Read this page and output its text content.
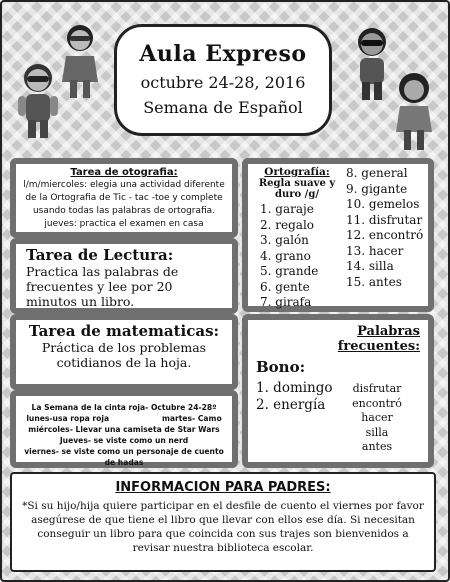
Aula Expreso
octubre 24-28, 2016
Semana de Español
Tarea de otografia:
l/m/miercoles: elegia una actividad diferente de la Ortografia de Tic - tac -toe y complete usando todas las palabras de ortografia.
jueves: practica el examen en casa
Tarea de Lectura:
Practica las palabras de frecuentes y lee por 20 minutos un libro.
Tarea de matematicas:
Práctica de los problemas cotidianos de la hoja.
La Semana de la cinta roja- Octubre 24-28º
lunes-usa ropa roja                    martes- Camo
miércoles- Llevar una camiseta de Star Wars
Jueves- se viste como un nerd
viernes- se viste como un personaje de cuento de hadas
Ortografía:
Regla suave y duro /g/
1. garaje
2. regalo
3. galón
4. grano
5. grande
6. gente
7. girafa
8. general
9. gigante
10. gemelos
11. disfrutar
12. encontró
13. hacer
14. silla
15. antes
Palabras frecuentes:
Bono:
1. domingo
2. energía
disfrutar
encontró
hacer
silla
antes
INFORMACION PARA PADRES:
*Si su hijo/hija quiere participar en el desfile de cuento el viernes por favor asegúrese de que tiene el libro que llevar con ellos ese día. Si necesitan conseguir un libro para que coincida con sus trajes son bienvenidos a revisar nuestra biblioteca escolar.
